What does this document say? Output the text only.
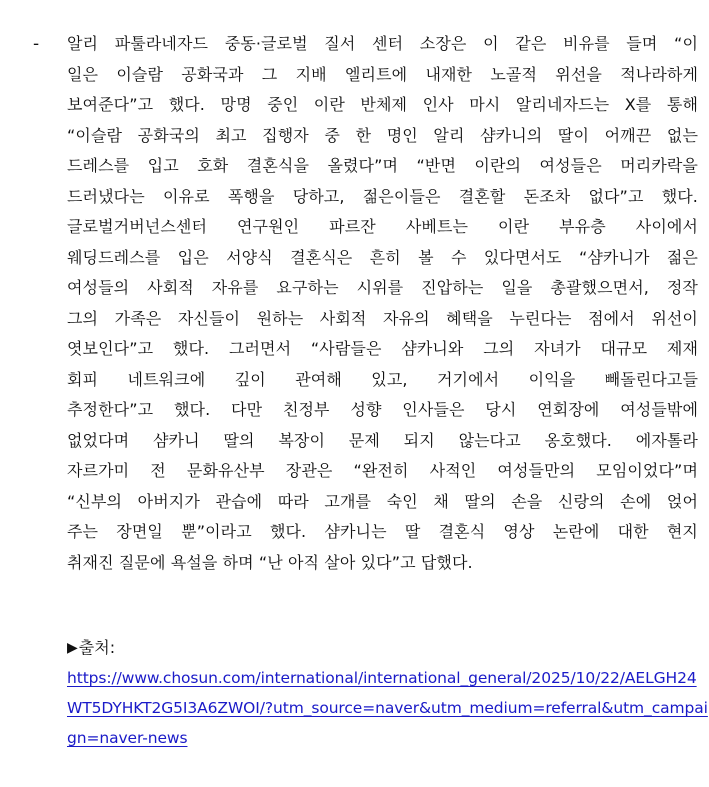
- 알리 파툴라네자드 중동·글로벌 질서 센터 소장은 이 같은 비유를 들며 “이
일은 이슬람 공화국과 그 지배 엘리트에 내재한 노골적 위선을 적나라하게
보여준다”고 했다. 망명 중인 이란 반체제 인사 마시 알리네자드는 X를 통해
“이슬람 공화국의 최고 집행자 중 한 명인 알리 샴카니의 딸이 어깨끈 없는
드레스를 입고 호화 결혼식을 올렸다”며 “반면 이란의 여성들은 머리카락을
드러냈다는 이유로 폭행을 당하고, 젊은이들은 결혼할 돈조차 없다”고 했다.
글로벌거버넌스센터 연구원인 파르잔 사베트는 이란 부유층 사이에서
웨딩드레스를 입은 서양식 결혼식은 흔히 볼 수 있다면서도 “샴카니가 젊은
여성들의 사회적 자유를 요구하는 시위를 진압하는 일을 총괄했으면서, 정작
그의 가족은 자신들이 원하는 사회적 자유의 혜택을 누린다는 점에서 위선이
엿보인다”고 했다. 그러면서 “사람들은 샴카니와 그의 자녀가 대규모 제재
회피 네트워크에 깊이 관여해 있고, 거기에서 이익을 빼돌린다고들
추정한다”고 했다. 다만 친정부 성향 인사들은 당시 연회장에 여성들밖에
없었다며 샴카니 딸의 복장이 문제 되지 않는다고 옹호했다. 에자톨라
자르가미 전 문화유산부 장관은 “완전히 사적인 여성들만의 모임이었다”며
“신부의 아버지가 관습에 따라 고개를 숙인 채 딸의 손을 신랑의 손에 얹어
주는 장면일 뿐”이라고 했다. 샴카니는 딸 결혼식 영상 논란에 대한 현지
취재진 질문에 욕설을 하며 “난 아직 살아 있다”고 답했다.
▶출처:
https://www.chosun.com/international/international_general/2025/10/22/AELGH24
WT5DYHKT2G5I3A6ZWOI/?utm_source=naver&utm_medium=referral&utm_campai
gn=naver-news
